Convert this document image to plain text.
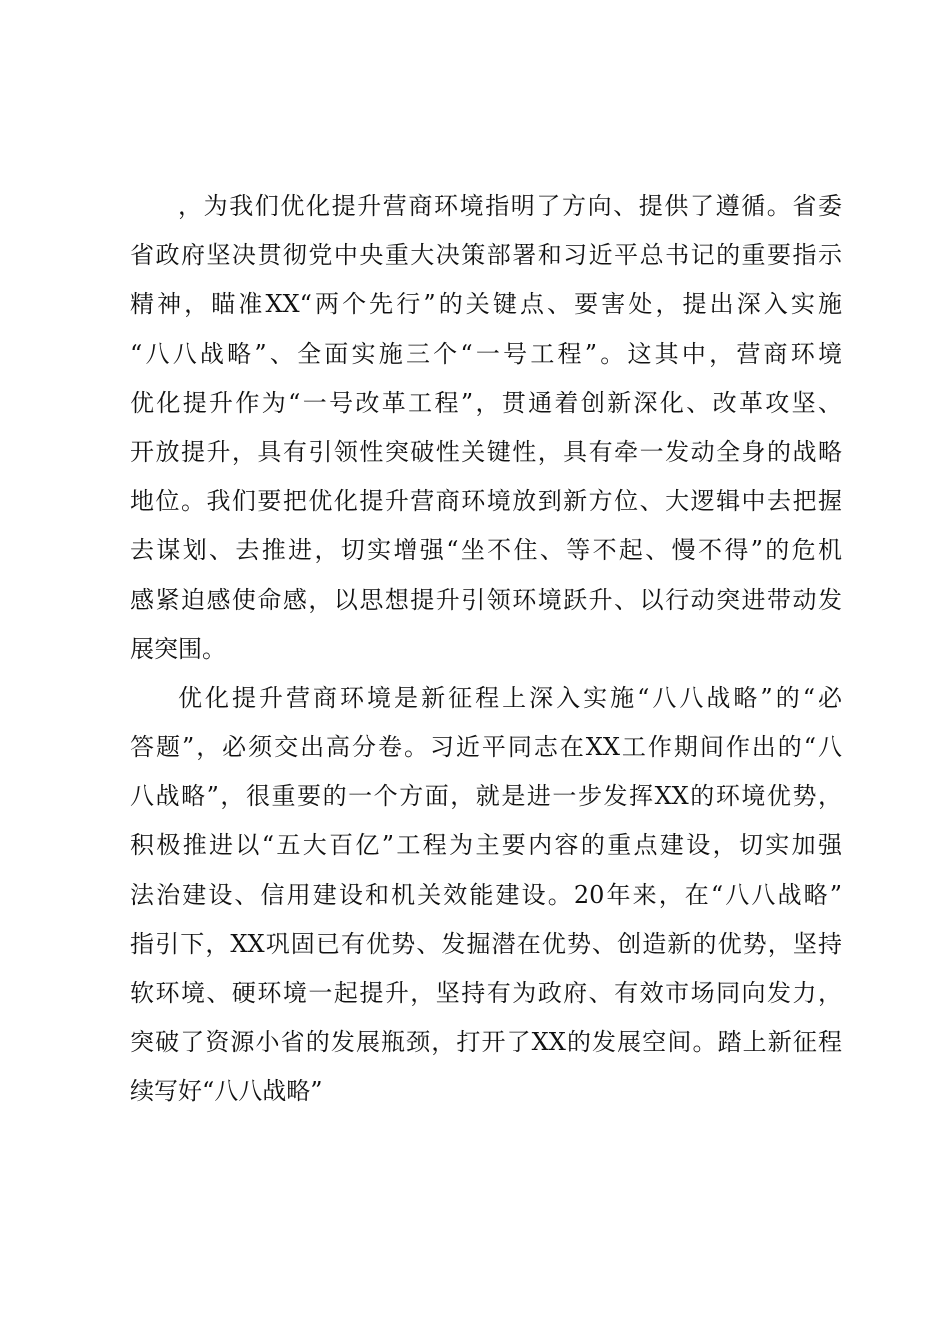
，为我们优化提升营商环境指明了方向、提供了遵循。省委
省政府坚决贯彻党中央重大决策部署和习近平总书记的重要指示
精神，瞄准XX“两个先行”的关键点、要害处，提出深入实施
“八八战略”、全面实施三个“一号工程”。这其中，营商环境
优化提升作为“一号改革工程”，贯通着创新深化、改革攻坚、
开放提升，具有引领性突破性关键性，具有牵一发动全身的战略
地位。我们要把优化提升营商环境放到新方位、大逻辑中去把握
去谋划、去推进，切实增强“坐不住、等不起、慢不得”的危机
感紧迫感使命感，以思想提升引领环境跃升、以行动突进带动发
展突围。
优化提升营商环境是新征程上深入实施“八八战略”的“必
答题”，必须交出高分卷。习近平同志在XX工作期间作出的“八
八战略”，很重要的一个方面，就是进一步发挥XX的环境优势，
积极推进以“五大百亿”工程为主要内容的重点建设，切实加强
法治建设、信用建设和机关效能建设。20年来，在“八八战略”
指引下，XX巩固已有优势、发掘潜在优势、创造新的优势，坚持
软环境、硬环境一起提升，坚持有为政府、有效市场同向发力，
突破了资源小省的发展瓶颈，打开了XX的发展空间。踏上新征程
续写好“八八战略”
